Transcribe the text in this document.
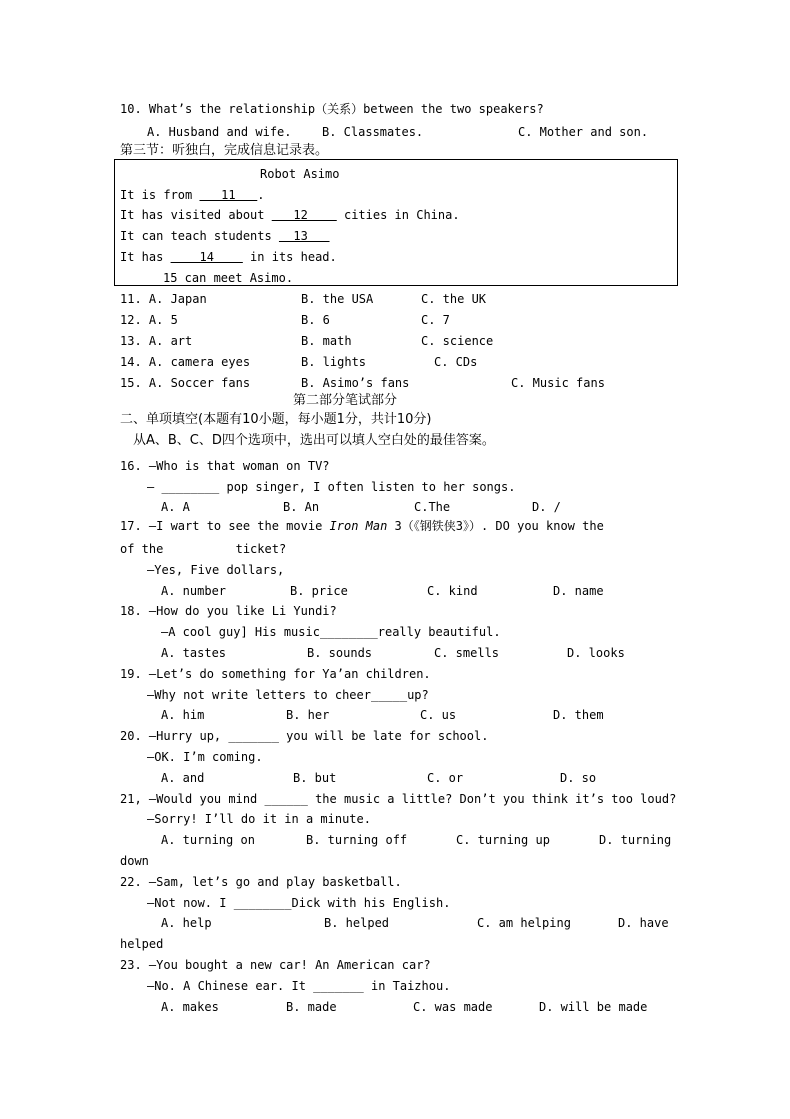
10. What’s the relationship（关系）between the two speakers?
A. Husband and wife.	B. Classmates.	C. Mother and son.
第三节：听独白，完成信息记录表。
Robot Asimo
It is from    11   .
It has visited about    12     cities in China.
It can teach students   13
It has     14     in its head.
15 can meet Asimo.
11. A. Japan	B. the USA	C. the UK
12. A. 5	B. 6	C. 7
13. A. art	B. math	C. science
14. A. camera eyes	B. lights	C. CDs
15. A. Soccer fans	B. Asimo’s fans	C. Music fans
第二部分笔试部分
二、单项填空(本题有10小题，每小题1分，共计10分)
从A、B、C、D四个选项中，选出可以填人空白处的最佳答案。
16. —Who is that woman on TV?
— ________ pop singer, I often listen to her songs.
A. A	B. An	C.The	D. /
17. —I wart to see the movie Iron Man 3（《钢铁侠3》）. DO you know the
of the          ticket?
—Yes, Five dollars,
A. number	B. price	C. kind	D. name
18. —How do you like Li Yundi?
—A cool guy] His music________really beautiful.
A. tastes	B. sounds	C. smells	D. looks
19. —Let’s do something for Ya’an children.
—Why not write letters to cheer_____up?
A. him	B. her	C. us	D. them
20. —Hurry up, _______ you will be late for school.
—OK. I’m coming.
A. and	B. but	C. or	D. so
21, —Would you mind ______ the music a little? Don’t you think it’s too loud?
—Sorry! I’ll do it in a minute.
A. turning on	B. turning off	C. turning up	D. turning
down
22. —Sam, let’s go and play basketball.
—Not now. I ________Dick with his English.
A. help	B. helped	C. am helping	D. have
helped
23. —You bought a new car! An American car?
—No. A Chinese ear. It _______ in Taizhou.
A. makes	B. made	C. was made	D. will be made
